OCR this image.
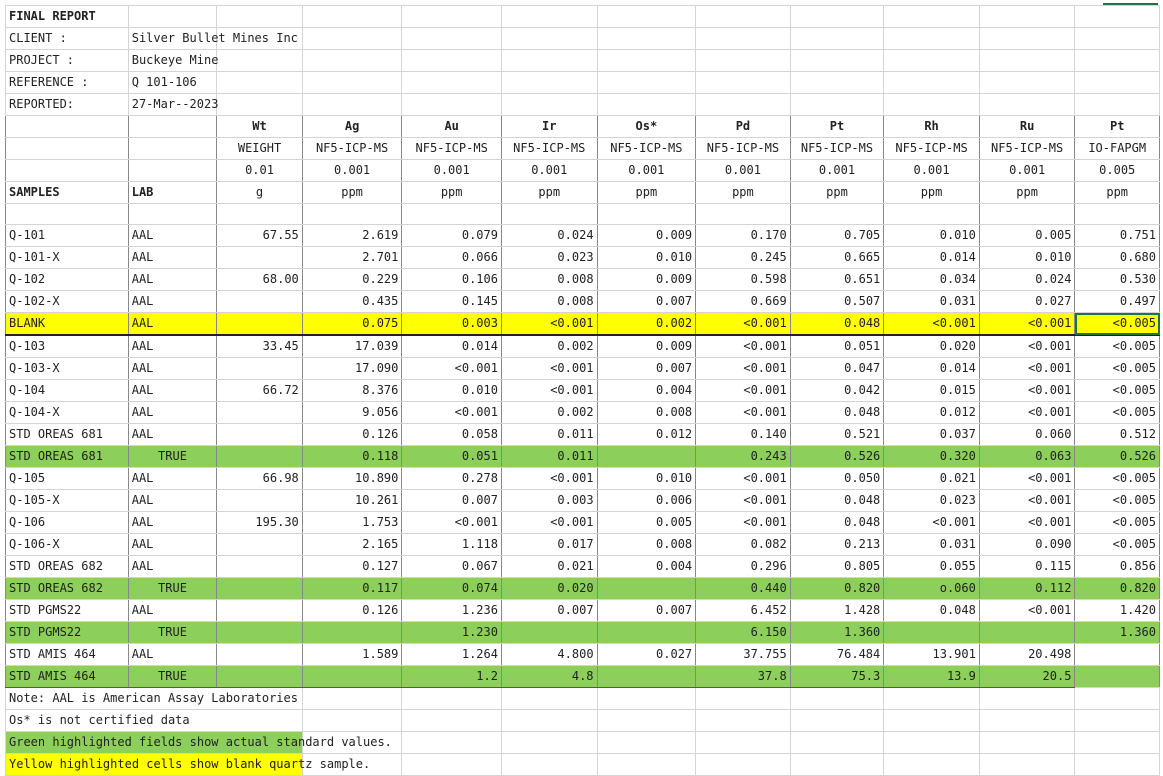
FINAL REPORT											
CLIENT :	Silver Bullet Mines Inc										
PROJECT :	Buckeye Mine										
REFERENCE :	Q 101-106										
REPORTED:	27-Mar--2023										
		Wt	Ag	Au	Ir	Os*	Pd	Pt	Rh	Ru	Pt
		WEIGHT	NF5-ICP-MS	NF5-ICP-MS	NF5-ICP-MS	NF5-ICP-MS	NF5-ICP-MS	NF5-ICP-MS	NF5-ICP-MS	NF5-ICP-MS	IO-FAPGM
		0.01	0.001	0.001	0.001	0.001	0.001	0.001	0.001	0.001	0.005
SAMPLES	LAB	g	ppm	ppm	ppm	ppm	ppm	ppm	ppm	ppm	ppm

Q-101	AAL	67.55	2.619	0.079	0.024	0.009	0.170	0.705	0.010	0.005	0.751
Q-101-X	AAL		2.701	0.066	0.023	0.010	0.245	0.665	0.014	0.010	0.680
Q-102	AAL	68.00	0.229	0.106	0.008	0.009	0.598	0.651	0.034	0.024	0.530
Q-102-X	AAL		0.435	0.145	0.008	0.007	0.669	0.507	0.031	0.027	0.497
BLANK	AAL		0.075	0.003	<0.001	0.002	<0.001	0.048	<0.001	<0.001	<0.005
Q-103	AAL	33.45	17.039	0.014	0.002	0.009	<0.001	0.051	0.020	<0.001	<0.005
Q-103-X	AAL		17.090	<0.001	<0.001	0.007	<0.001	0.047	0.014	<0.001	<0.005
Q-104	AAL	66.72	8.376	0.010	<0.001	0.004	<0.001	0.042	0.015	<0.001	<0.005
Q-104-X	AAL		9.056	<0.001	0.002	0.008	<0.001	0.048	0.012	<0.001	<0.005
STD OREAS 681	AAL		0.126	0.058	0.011	0.012	0.140	0.521	0.037	0.060	0.512
STD OREAS 681	TRUE		0.118	0.051	0.011		0.243	0.526	0.320	0.063	0.526
Q-105	AAL	66.98	10.890	0.278	<0.001	0.010	<0.001	0.050	0.021	<0.001	<0.005
Q-105-X	AAL		10.261	0.007	0.003	0.006	<0.001	0.048	0.023	<0.001	<0.005
Q-106	AAL	195.30	1.753	<0.001	<0.001	0.005	<0.001	0.048	<0.001	<0.001	<0.005
Q-106-X	AAL		2.165	1.118	0.017	0.008	0.082	0.213	0.031	0.090	<0.005
STD OREAS 682	AAL		0.127	0.067	0.021	0.004	0.296	0.805	0.055	0.115	0.856
STD OREAS 682	TRUE		0.117	0.074	0.020		0.440	0.820	o.060	0.112	0.820
STD PGMS22	AAL		0.126	1.236	0.007	0.007	6.452	1.428	0.048	<0.001	1.420
STD PGMS22	TRUE			1.230			6.150	1.360			1.360
STD AMIS 464	AAL		1.589	1.264	4.800	0.027	37.755	76.484	13.901	20.498	
STD AMIS 464	TRUE			1.2	4.8		37.8	75.3	13.9	20.5	
Note: AAL is American Assay Laboratories											
Os* is not certified data											
Green highlighted fields show actual standard values.											
Yellow highlighted cells show blank quartz sample.											
